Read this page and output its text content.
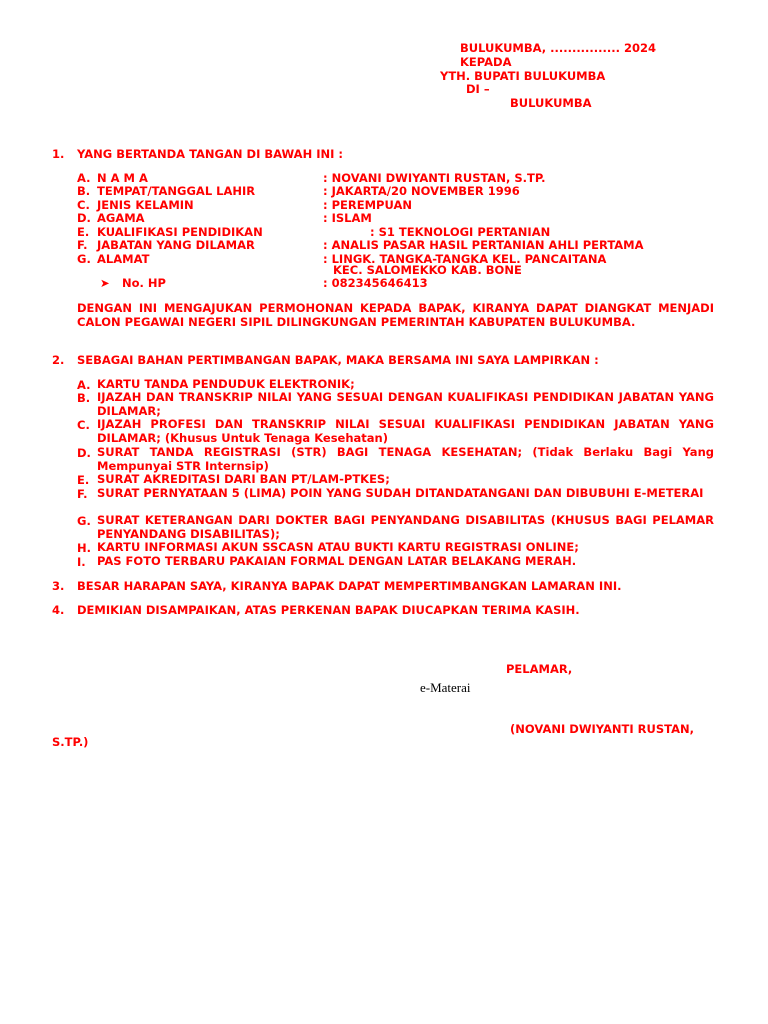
BULUKUMBA, ................ 2024
KEPADA
YTH. BUPATI BULUKUMBA
DI –
BULUKUMBA
1. YANG BERTANDA TANGAN DI BAWAH INI :
A. N A M A	: NOVANI DWIYANTI RUSTAN, S.TP.
B. TEMPAT/TANGGAL LAHIR	: JAKARTA/20 NOVEMBER 1996
C. JENIS KELAMIN	: PEREMPUAN
D. AGAMA	: ISLAM
E. KUALIFIKASI PENDIDIKAN	: S1 TEKNOLOGI PERTANIAN
F. JABATAN YANG DILAMAR	: ANALIS PASAR HASIL PERTANIAN AHLI PERTAMA
G. ALAMAT	: LINGK. TANGKA-TANGKA KEL. PANCAITANA
KEC. SALOMEKKO KAB. BONE
➤ No. HP	: 082345646413
DENGAN INI MENGAJUKAN PERMOHONAN KEPADA BAPAK, KIRANYA DAPAT DIANGKAT MENJADI CALON PEGAWAI NEGERI SIPIL DILINGKUNGAN PEMERINTAH KABUPATEN BULUKUMBA.
2. SEBAGAI BAHAN PERTIMBANGAN BAPAK, MAKA BERSAMA INI SAYA LAMPIRKAN :
A. KARTU TANDA PENDUDUK ELEKTRONIK;
B. IJAZAH DAN TRANSKRIP NILAI YANG SESUAI DENGAN KUALIFIKASI PENDIDIKAN JABATAN YANG DILAMAR;
C. IJAZAH PROFESI DAN TRANSKRIP NILAI SESUAI KUALIFIKASI PENDIDIKAN JABATAN YANG DILAMAR; (Khusus Untuk Tenaga Kesehatan)
D. SURAT TANDA REGISTRASI (STR) BAGI TENAGA KESEHATAN; (Tidak Berlaku Bagi Yang Mempunyai STR Internsip)
E. SURAT AKREDITASI DARI BAN PT/LAM-PTKES;
F. SURAT PERNYATAAN 5 (LIMA) POIN YANG SUDAH DITANDATANGANI DAN DIBUBUHI E-METERAI
G. SURAT KETERANGAN DARI DOKTER BAGI PENYANDANG DISABILITAS (KHUSUS BAGI PELAMAR PENYANDANG DISABILITAS);
H. KARTU INFORMASI AKUN SSCASN ATAU BUKTI KARTU REGISTRASI ONLINE;
I. PAS FOTO TERBARU PAKAIAN FORMAL DENGAN LATAR BELAKANG MERAH.
3. BESAR HARAPAN SAYA, KIRANYA BAPAK DAPAT MEMPERTIMBANGKAN LAMARAN INI.
4. DEMIKIAN DISAMPAIKAN, ATAS PERKENAN BAPAK DIUCAPKAN TERIMA KASIH.
PELAMAR,
e-Materai
(NOVANI DWIYANTI RUSTAN,
S.TP.)
